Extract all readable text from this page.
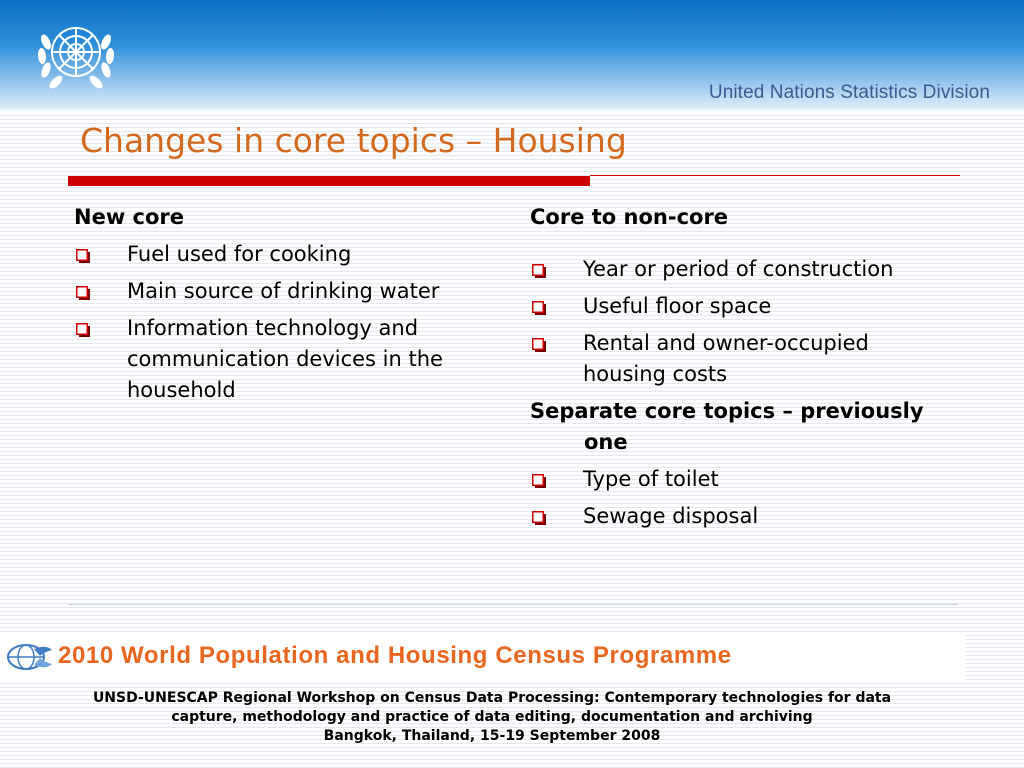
United Nations Statistics Division
Changes in core topics – Housing
New core
Fuel used for cooking
Main source of drinking water
Information technology and communication devices in the household
Core to non-core
Year or period of construction
Useful floor space
Rental and owner-occupied housing costs
Separate core topics – previously one
Type of toilet
Sewage disposal
2010 World Population and Housing Census Programme
UNSD-UNESCAP Regional Workshop on Census Data Processing: Contemporary technologies for data
capture, methodology and practice of data editing, documentation and archiving
Bangkok, Thailand, 15-19 September 2008
